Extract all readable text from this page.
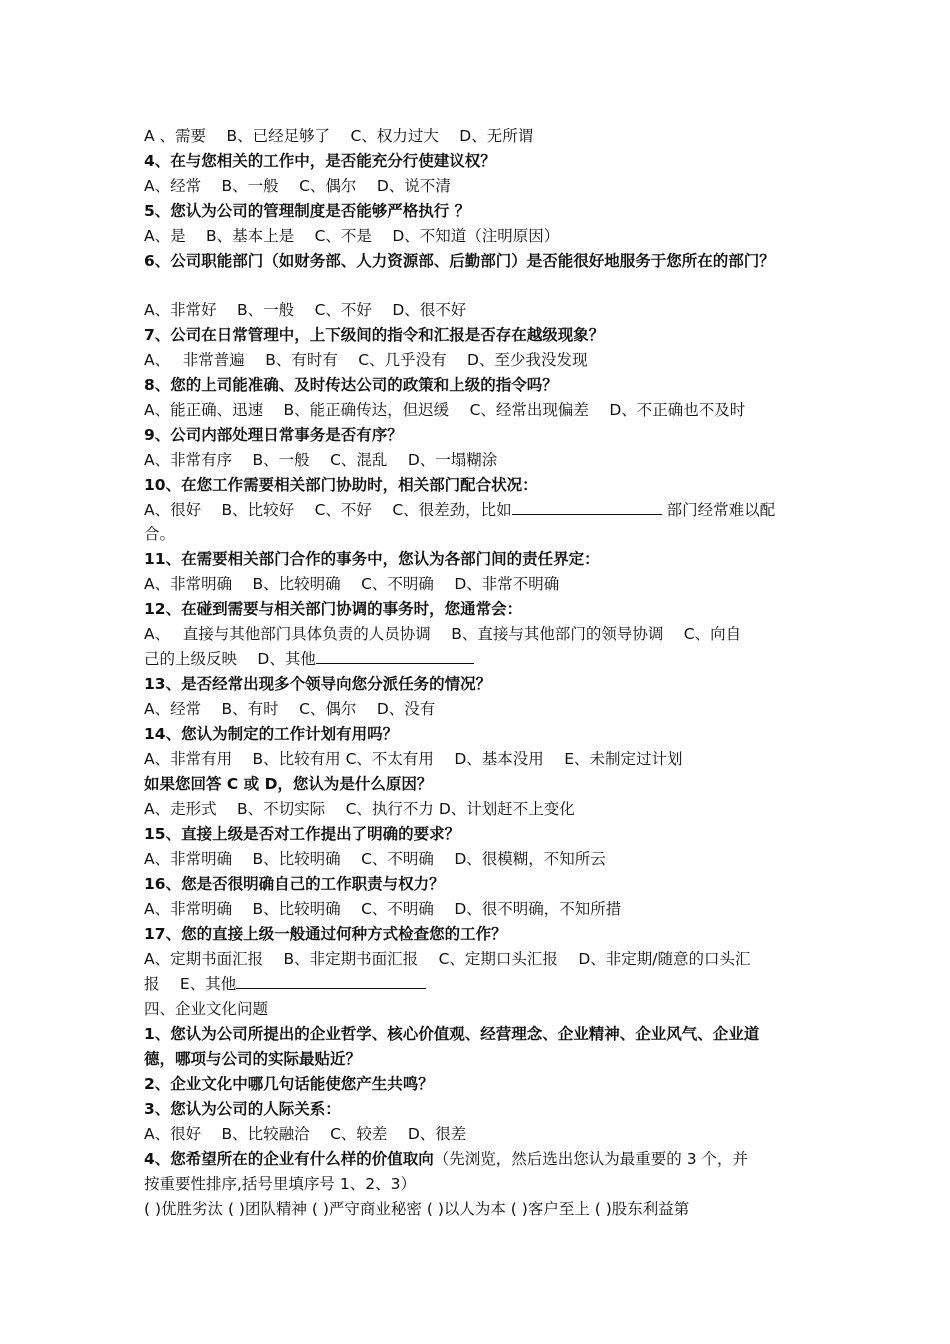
A 、需要　 B、已经足够了　 C、权力过大　 D、无所谓
4、在与您相关的工作中，是否能充分行使建议权？
A、经常　 B、一般　 C、偶尔　 D、说不清
5、您认为公司的管理制度是否能够严格执行 ？
A、是　 B、基本上是　 C、不是　 D、不知道（注明原因）
6、公司职能部门（如财务部、人力资源部、后勤部门）是否能很好地服务于您所在的部门？
A、非常好　 B、一般　 C、不好　 D、很不好
7、公司在日常管理中，上下级间的指令和汇报是否存在越级现象？
A、　 非常普遍　 B、有时有　 C、几乎没有　 D、至少我没发现
8、您的上司能准确、及时传达公司的政策和上级的指令吗？
A、能正确、迅速　 B、能正确传达，但迟缓　 C、经常出现偏差　 D、不正确也不及时
9、公司内部处理日常事务是否有序？
A、非常有序　 B、一般　 C、混乱　 D、一塌糊涂
10、在您工作需要相关部门协助时，相关部门配合状况：
A、很好　 B、比较好　 C、不好　 C、很差劲，比如	部门经常难以配
合。
11、在需要相关部门合作的事务中，您认为各部门间的责任界定：
A、非常明确　 B、比较明确　 C、不明确　 D、非常不明确
12、在碰到需要与相关部门协调的事务时，您通常会：
A、　 直接与其他部门具体负责的人员协调　 B、直接与其他部门的领导协调　 C、向自
己的上级反映　 D、其他
13、是否经常出现多个领导向您分派任务的情况？
A、经常　 B、有时　 C、偶尔　 D、没有
14、您认为制定的工作计划有用吗？
A、非常有用　 B、比较有用 C、不太有用　 D、基本没用　 E、未制定过计划
如果您回答 C 或 D，您认为是什么原因？
A、走形式　 B、不切实际　 C、执行不力 D、计划赶不上变化
15、直接上级是否对工作提出了明确的要求？
A、非常明确　 B、比较明确　 C、不明确　 D、很模糊，不知所云
16、您是否很明确自己的工作职责与权力？
A、非常明确　 B、比较明确　 C、不明确　 D、很不明确，不知所措
17、您的直接上级一般通过何种方式检查您的工作？
A、定期书面汇报　 B、非定期书面汇报　 C、定期口头汇报　 D、非定期/随意的口头汇
报　 E、其他
四、企业文化问题
1、您认为公司所提出的企业哲学、核心价值观、经营理念、企业精神、企业风气、企业道
德，哪项与公司的实际最贴近？
2、企业文化中哪几句话能使您产生共鸣？
3、您认为公司的人际关系：
A、很好　 B、比较融洽　 C、较差　 D、很差
4、您希望所在的企业有什么样的价值取向（先浏览，然后选出您认为最重要的 3 个，并
按重要性排序,括号里填序号 1、2、3）
( )优胜劣汰 ( )团队精神 ( )严守商业秘密 ( )以人为本 ( )客户至上 ( )股东利益第
